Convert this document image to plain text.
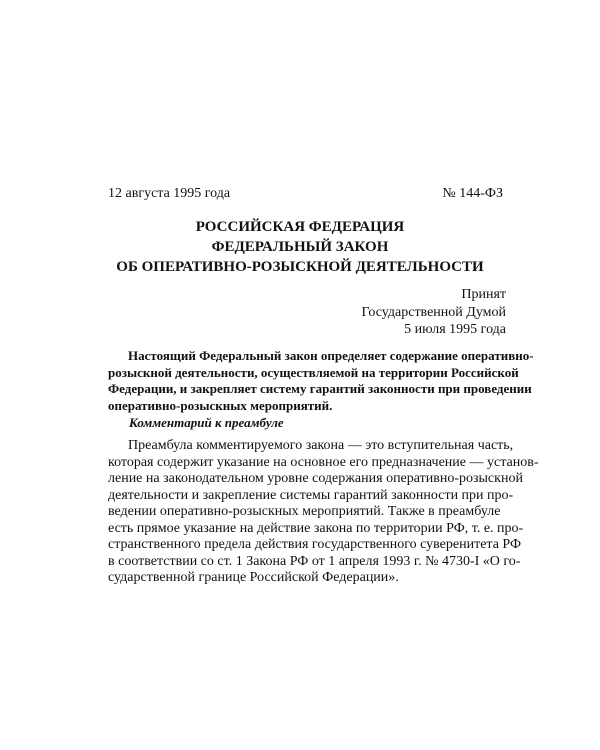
12 августа 1995 года	№ 144-ФЗ
РОССИЙСКАЯ ФЕДЕРАЦИЯ
ФЕДЕРАЛЬНЫЙ ЗАКОН
ОБ ОПЕРАТИВНО-РОЗЫСКНОЙ ДЕЯТЕЛЬНОСТИ
Принят
Государственной Думой
5 июля 1995 года
Настоящий Федеральный закон определяет содержание оперативно-
розыскной деятельности, осуществляемой на территории Российской
Федерации, и закрепляет систему гарантий законности при проведении
оперативно-розыскных мероприятий.
Комментарий к преамбуле
Преамбула комментируемого закона — это вступительная часть,
которая содержит указание на основное его предназначение — установ-
ление на законодательном уровне содержания оперативно-розыскной
деятельности и закрепление системы гарантий законности при про-
ведении оперативно-розыскных мероприятий. Также в преамбуле
есть прямое указание на действие закона по территории РФ, т. е. про-
странственного предела действия государственного суверенитета РФ
в соответствии со ст. 1 Закона РФ от 1 апреля 1993 г. № 4730-I «О го-
сударственной границе Российской Федерации».
